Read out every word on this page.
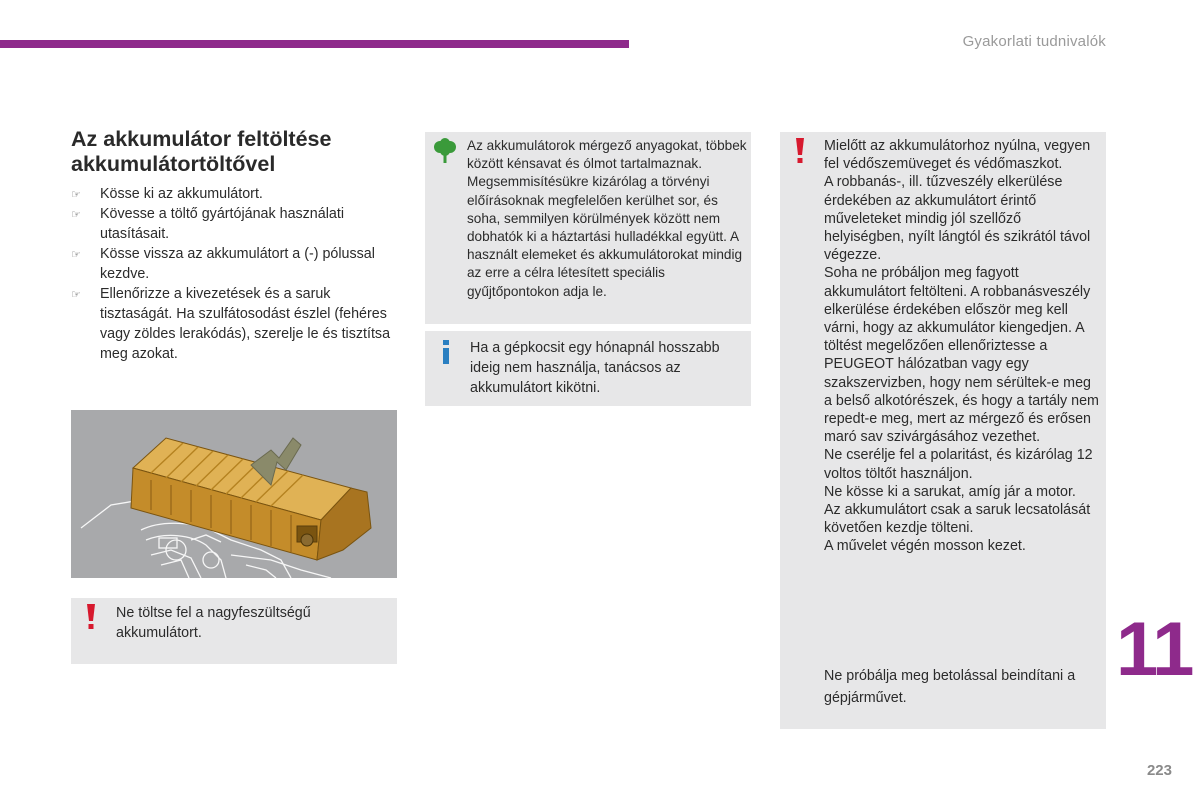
Gyakorlati tudnivalók
Az akkumulátor feltöltése akkumulátortöltővel
☞ Kösse ki az akkumulátort.
☞ Kövesse a töltő gyártójának használati utasításait.
☞ Kösse vissza az akkumulátort a (-) pólussal kezdve.
☞ Ellenőrizze a kivezetések és a saruk tisztaságát. Ha szulfátosodást észlel (fehéres vagy zöldes lerakódás), szerelje le és tisztítsa meg azokat.
Ne töltse fel a nagyfeszültségű akkumulátort.
Az akkumulátorok mérgező anyagokat, többek között kénsavat és ólmot tartalmaznak. Megsemmisítésükre kizárólag a törvényi előírásoknak megfelelően kerülhet sor, és soha, semmilyen körülmények között nem dobhatók ki a háztartási hulladékkal együtt. A használt elemeket és akkumulátorokat mindig az erre a célra létesített speciális gyűjtőpontokon adja le.
Ha a gépkocsit egy hónapnál hosszabb ideig nem használja, tanácsos az akkumulátort kikötni.
Mielőtt az akkumulátorhoz nyúlna, vegyen fel védőszemüveget és védőmaszkot.
A robbanás-, ill. tűzveszély elkerülése érdekében az akkumulátort érintő műveleteket mindig jól szellőző helyiségben, nyílt lángtól és szikrától távol végezze.
Soha ne próbáljon meg fagyott akkumulátort feltölteni. A robbanásveszély elkerülése érdekében először meg kell várni, hogy az akkumulátor kiengedjen. A töltést megelőzően ellenőriztesse a PEUGEOT hálózatban vagy egy szakszervizben, hogy nem sérültek-e meg a belső alkotórészek, és hogy a tartály nem repedt-e meg, mert az mérgező és erősen maró sav szivárgásához vezethet.
Ne cserélje fel a polaritást, és kizárólag 12 voltos töltőt használjon.
Ne kösse ki a sarukat, amíg jár a motor.
Az akkumulátort csak a saruk lecsatolását követően kezdje tölteni.
A művelet végén mosson kezet.
Ne próbálja meg betolással beindítani a gépjárművet.
11
223
